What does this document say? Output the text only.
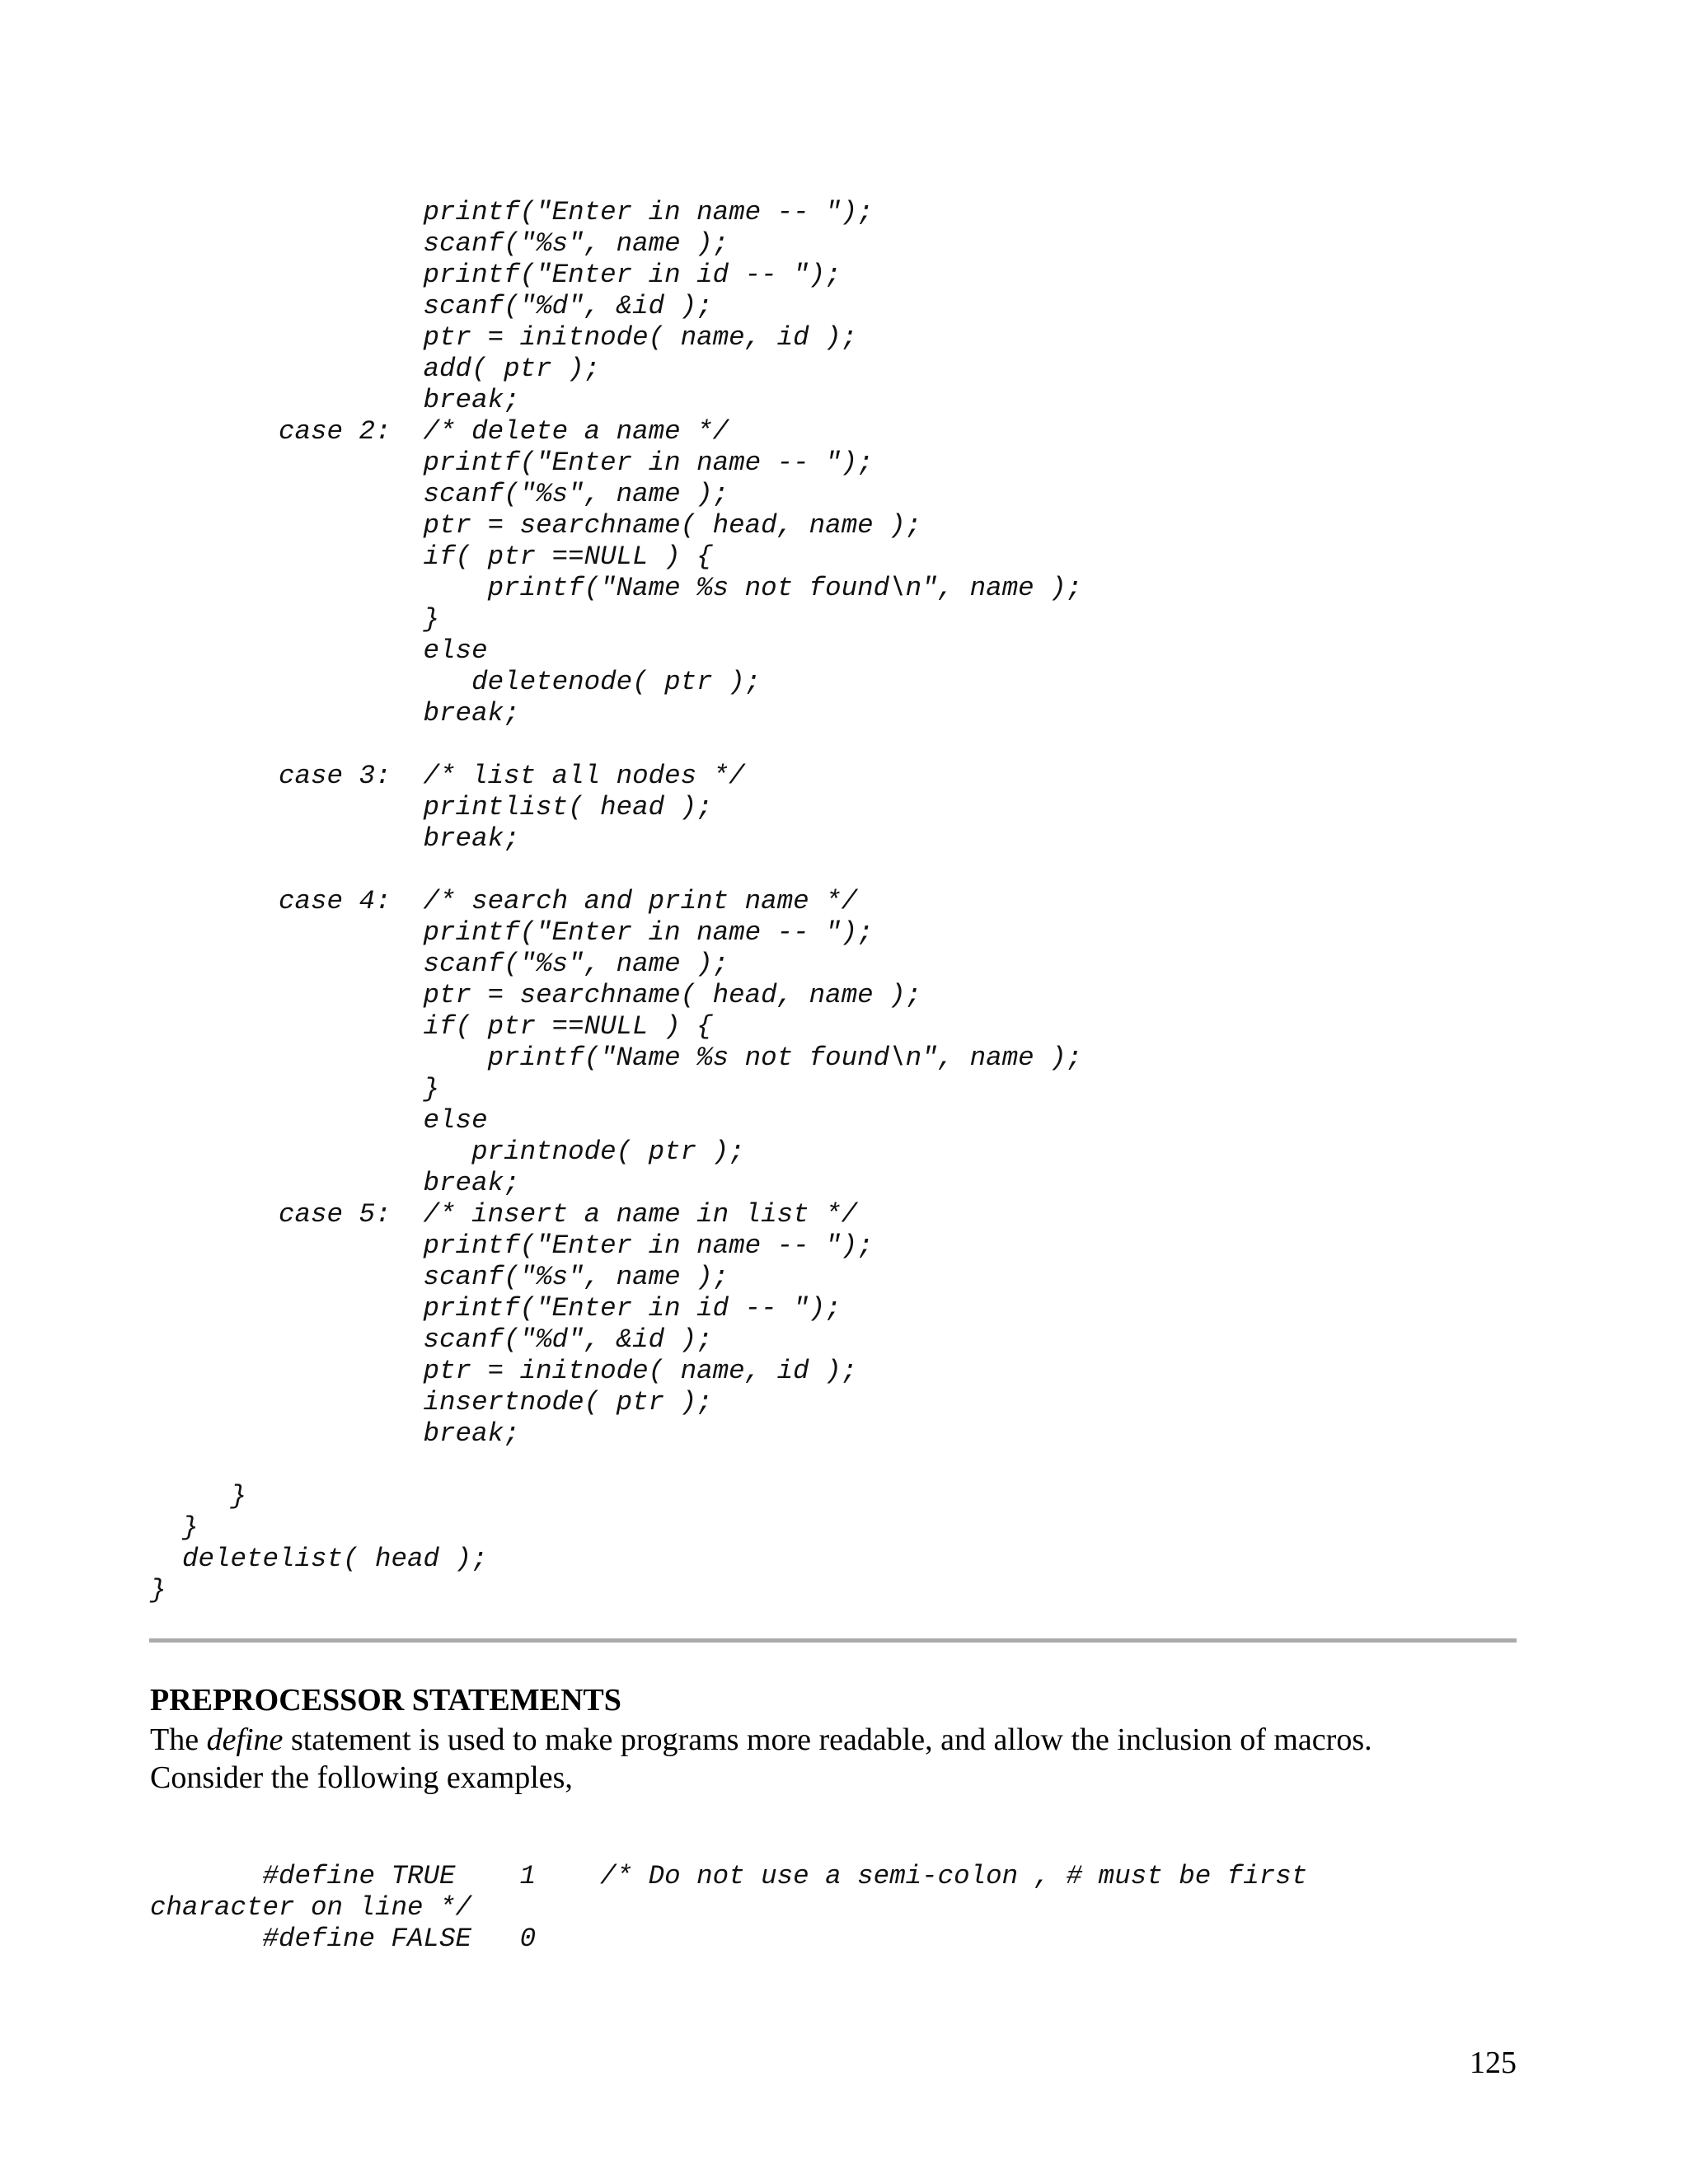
printf("Enter in name -- ");
scanf("%s", name );
printf("Enter in id -- ");
scanf("%d", &id );
ptr = initnode( name, id );
add( ptr );
break;
case 2:  /* delete a name */
printf("Enter in name -- ");
scanf("%s", name );
ptr = searchname( head, name );
if( ptr ==NULL ) {
printf("Name %s not found\n", name );
}
else
deletenode( ptr );
break;
case 3:  /* list all nodes */
printlist( head );
break;
case 4:  /* search and print name */
printf("Enter in name -- ");
scanf("%s", name );
ptr = searchname( head, name );
if( ptr ==NULL ) {
printf("Name %s not found\n", name );
}
else
printnode( ptr );
break;
case 5:  /* insert a name in list */
printf("Enter in name -- ");
scanf("%s", name );
printf("Enter in id -- ");
scanf("%d", &id );
ptr = initnode( name, id );
insertnode( ptr );
break;
}
}
deletelist( head );
}
PREPROCESSOR STATEMENTS

The define statement is used to make programs more readable, and allow the inclusion of macros.
Consider the following examples,

#define TRUE    1    /* Do not use a semi-colon , # must be first
character on line */
#define FALSE   0
125
